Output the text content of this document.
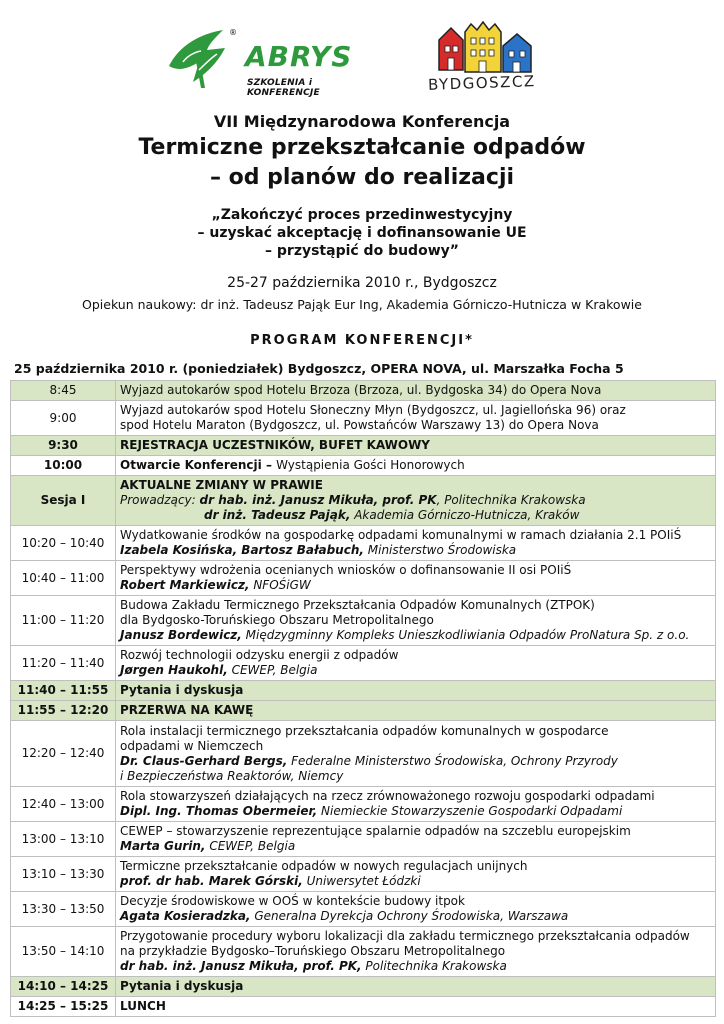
®
ABRYS
SZKOLENIA i KONFERENCJE	BYDGOSZCZ
VII Międzynarodowa Konferencja
Termiczne przekształcanie odpadów
– od planów do realizacji
„Zakończyć proces przedinwestycyjny
– uzyskać akceptację i dofinansowanie UE
– przystąpić do budowy”
25-27 października 2010 r., Bydgoszcz
Opiekun naukowy: dr inż. Tadeusz Pająk Eur Ing, Akademia Górniczo-Hutnicza w Krakowie
PROGRAM KONFERENCJI*
25 października 2010 r. (poniedziałek) Bydgoszcz, OPERA NOVA, ul. Marszałka Focha 5
8:45	Wyjazd autokarów spod Hotelu Brzoza (Brzoza, ul. Bydgoska 34) do Opera Nova
9:00	Wyjazd autokarów spod Hotelu Słoneczny Młyn (Bydgoszcz, ul. Jagiellońska 96) oraz
spod Hotelu Maraton (Bydgoszcz, ul. Powstańców Warszawy 13) do Opera Nova

9:30	REJESTRACJA UCZESTNIKÓW, BUFET KAWOWY
10:00	Otwarcie Konferencji – Wystąpienia Gości Honorowych
Sesja I	AKTUALNE ZMIANY W PRAWIE
Prowadzący: dr hab. inż. Janusz Mikuła, prof. PK, Politechnika Krakowska
dr inż. Tadeusz Pająk, Akademia Górniczo-Hutnicza, Kraków

10:20 – 10:40	Wydatkowanie środków na gospodarkę odpadami komunalnymi w ramach działania 2.1 POIiŚ
Izabela Kosińska, Bartosz Bałabuch, Ministerstwo Środowiska

10:40 – 11:00	Perspektywy wdrożenia ocenianych wniosków o dofinansowanie II osi POIiŚ
Robert Markiewicz, NFOŚiGW

11:00 – 11:20	Budowa Zakładu Termicznego Przekształcania Odpadów Komunalnych (ZTPOK)
dla Bydgosko-Toruńskiego Obszaru Metropolitalnego
Janusz Bordewicz, Międzygminny Kompleks Unieszkodliwiania Odpadów ProNatura Sp. z o.o.

11:20 – 11:40	Rozwój technologii odzysku energii z odpadów
Jørgen Haukohl, CEWEP, Belgia

11:40 – 11:55	Pytania i dyskusja
11:55 – 12:20	PRZERWA NA KAWĘ
12:20 – 12:40	Rola instalacji termicznego przekształcania odpadów komunalnych w gospodarce
odpadami w Niemczech
Dr. Claus-Gerhard Bergs, Federalne Ministerstwo Środowiska, Ochrony Przyrody
i Bezpieczeństwa Reaktorów, Niemcy

12:40 – 13:00	Rola stowarzyszeń działających na rzecz zrównoważonego rozwoju gospodarki odpadami
Dipl. Ing. Thomas Obermeier, Niemieckie Stowarzyszenie Gospodarki Odpadami

13:00 – 13:10	CEWEP – stowarzyszenie reprezentujące spalarnie odpadów na szczeblu europejskim
Marta Gurin, CEWEP, Belgia

13:10 – 13:30	Termiczne przekształcanie odpadów w nowych regulacjach unijnych
prof. dr hab. Marek Górski, Uniwersytet Łódzki

13:30 – 13:50	Decyzje środowiskowe w OOŚ w kontekście budowy itpok
Agata Kosieradzka, Generalna Dyrekcja Ochrony Środowiska, Warszawa

13:50 – 14:10	Przygotowanie procedury wyboru lokalizacji dla zakładu termicznego przekształcania odpadów
na przykładzie Bydgosko–Toruńskiego Obszaru Metropolitalnego
dr hab. inż. Janusz Mikuła, prof. PK, Politechnika Krakowska

14:10 – 14:25	Pytania i dyskusja
14:25 – 15:25	LUNCH
